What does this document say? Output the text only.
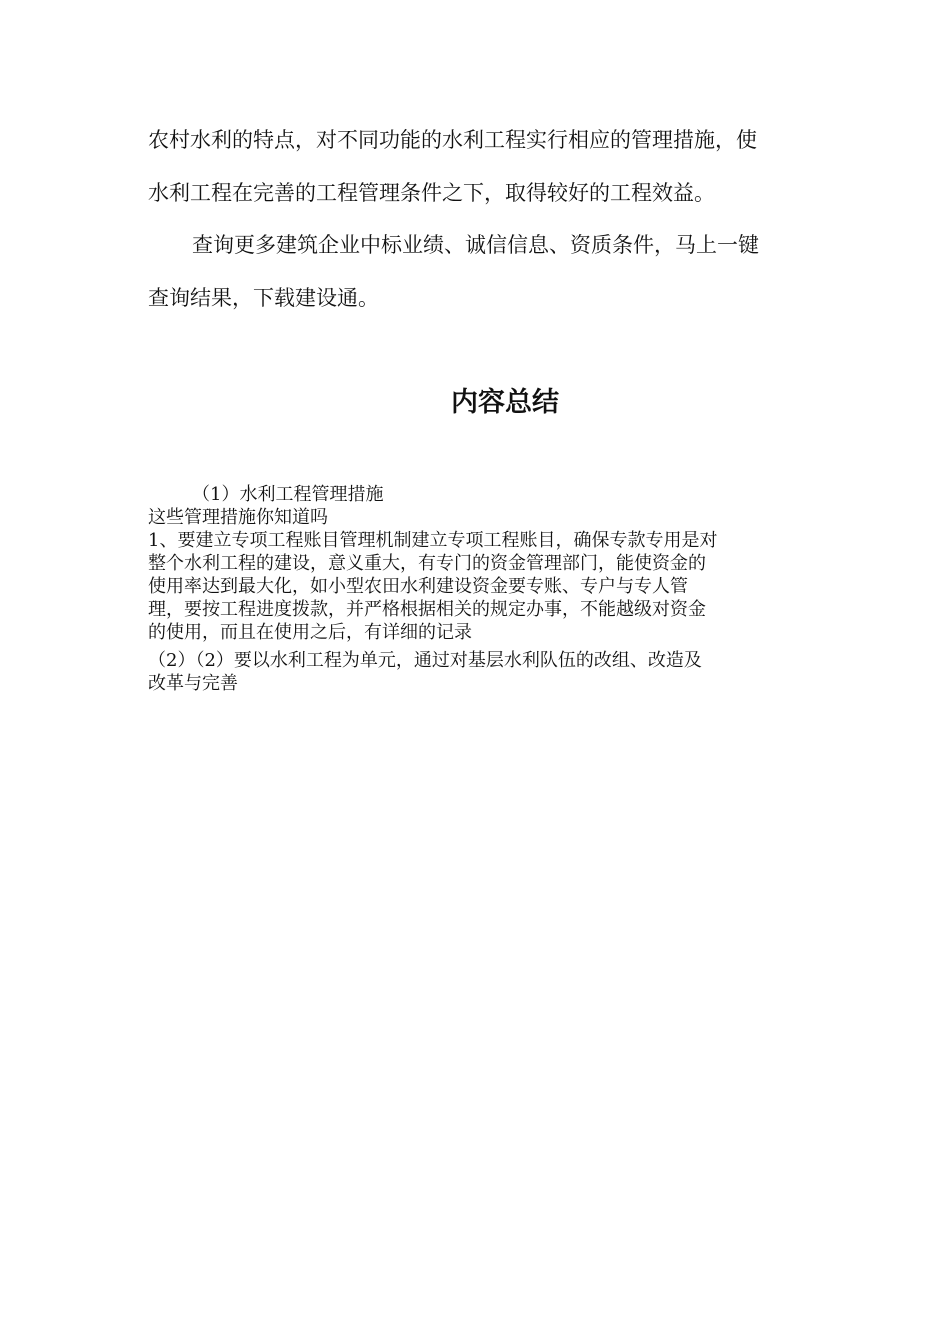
农村水利的特点，对不同功能的水利工程实行相应的管理措施，使

水利工程在完善的工程管理条件之下，取得较好的工程效益。

查询更多建筑企业中标业绩、诚信信息、资质条件，马上一键

查询结果，下载建设通。

内容总结

（1）水利工程管理措施

这些管理措施你知道吗

1、要建立专项工程账目管理机制建立专项工程账目，确保专款专用是对

整个水利工程的建设，意义重大，有专门的资金管理部门，能使资金的

使用率达到最大化，如小型农田水利建设资金要专账、专户与专人管

理，要按工程进度拨款，并严格根据相关的规定办事，不能越级对资金

的使用，而且在使用之后，有详细的记录

（2）（2）要以水利工程为单元，通过对基层水利队伍的改组、改造及

改革与完善
